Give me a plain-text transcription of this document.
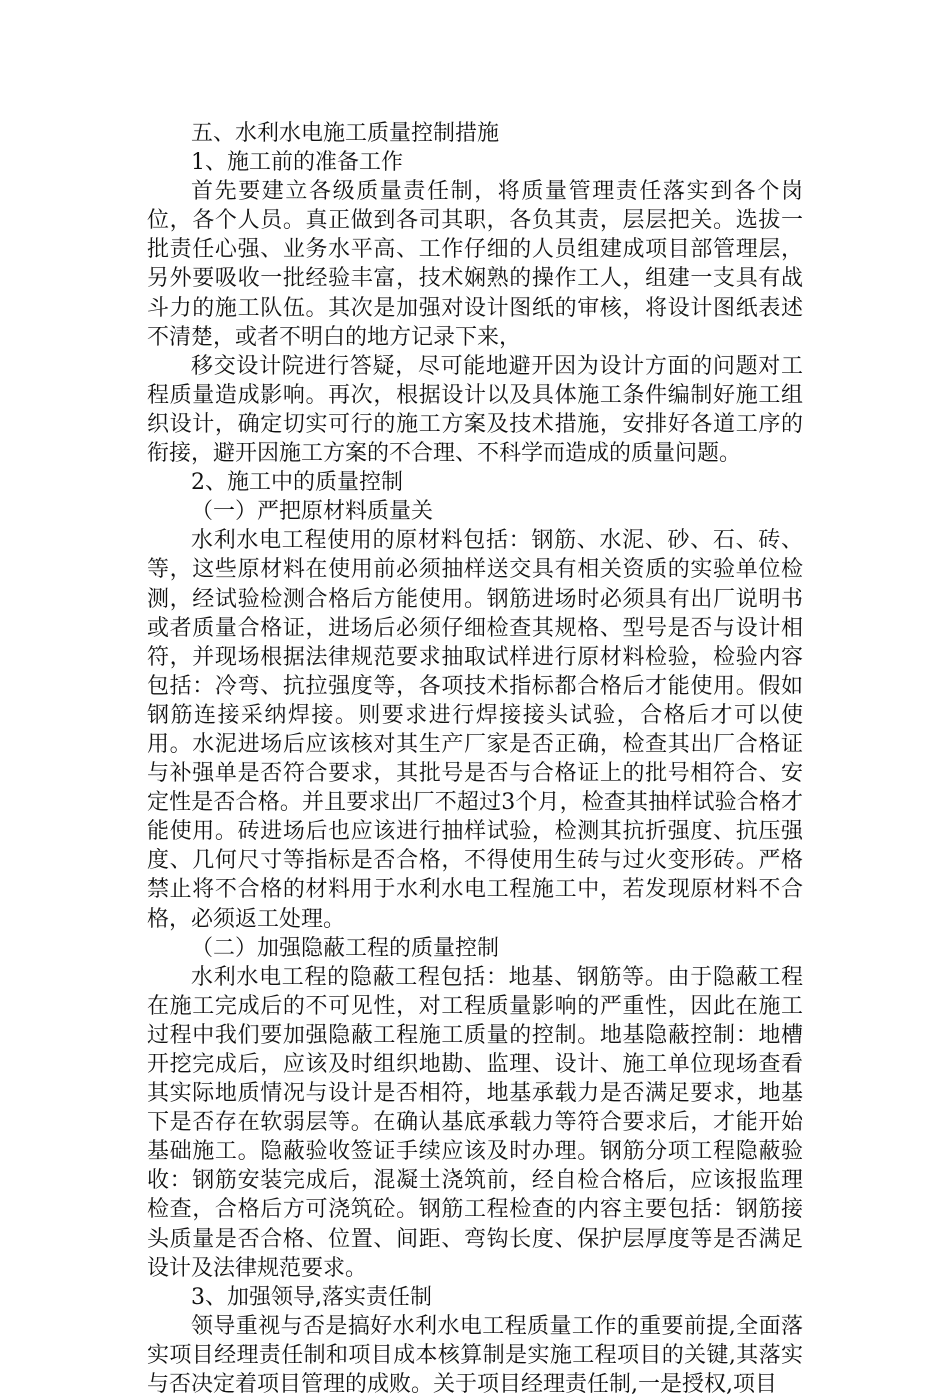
五、水利水电施工质量控制措施

1、施工前的准备工作

首先要建立各级质量责任制，将质量管理责任落实到各个岗位，各个人员。真正做到各司其职，各负其责，层层把关。选拔一批责任心强、业务水平高、工作仔细的人员组建成项目部管理层，另外要吸收一批经验丰富，技术娴熟的操作工人，组建一支具有战斗力的施工队伍。其次是加强对设计图纸的审核，将设计图纸表述不清楚，或者不明白的地方记录下来，

移交设计院进行答疑，尽可能地避开因为设计方面的问题对工程质量造成影响。再次，根据设计以及具体施工条件编制好施工组织设计，确定切实可行的施工方案及技术措施，安排好各道工序的衔接，避开因施工方案的不合理、不科学而造成的质量问题。

2、施工中的质量控制

（一）严把原材料质量关

水利水电工程使用的原材料包括：钢筋、水泥、砂、石、砖、等，这些原材料在使用前必须抽样送交具有相关资质的实验单位检测，经试验检测合格后方能使用。钢筋进场时必须具有出厂说明书或者质量合格证，进场后必须仔细检查其规格、型号是否与设计相符，并现场根据法律规范要求抽取试样进行原材料检验，检验内容包括：冷弯、抗拉强度等，各项技术指标都合格后才能使用。假如钢筋连接采纳焊接。则要求进行焊接接头试验，合格后才可以使用。水泥进场后应该核对其生产厂家是否正确，检查其出厂合格证与补强单是否符合要求，其批号是否与合格证上的批号相符合、安定性是否合格。并且要求出厂不超过3个月，检查其抽样试验合格才能使用。砖进场后也应该进行抽样试验，检测其抗折强度、抗压强度、几何尺寸等指标是否合格，不得使用生砖与过火变形砖。严格禁止将不合格的材料用于水利水电工程施工中，若发现原材料不合格，必须返工处理。

（二）加强隐蔽工程的质量控制

水利水电工程的隐蔽工程包括：地基、钢筋等。由于隐蔽工程在施工完成后的不可见性，对工程质量影响的严重性，因此在施工过程中我们要加强隐蔽工程施工质量的控制。地基隐蔽控制：地槽开挖完成后，应该及时组织地勘、监理、设计、施工单位现场查看其实际地质情况与设计是否相符，地基承载力是否满足要求，地基下是否存在软弱层等。在确认基底承载力等符合要求后，才能开始基础施工。隐蔽验收签证手续应该及时办理。钢筋分项工程隐蔽验收：钢筋安装完成后，混凝土浇筑前，经自检合格后，应该报监理检查，合格后方可浇筑砼。钢筋工程检查的内容主要包括：钢筋接头质量是否合格、位置、间距、弯钩长度、保护层厚度等是否满足设计及法律规范要求。

3、加强领导,落实责任制

领导重视与否是搞好水利水电工程质量工作的重要前提,全面落实项目经理责任制和项目成本核算制是实施工程项目的关键,其落实与否决定着项目管理的成败。关于项目经理责任制,一是授权,项目
